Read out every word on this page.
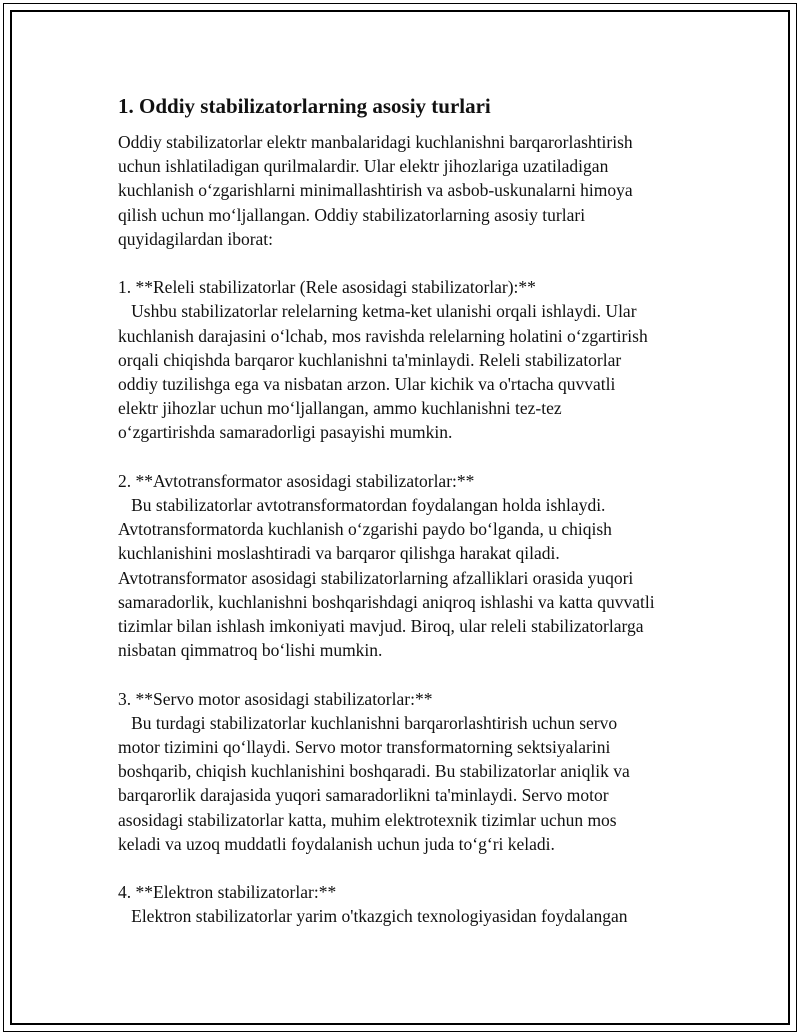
1. Oddiy stabilizatorlarning asosiy turlari

Oddiy stabilizatorlar elektr manbalaridagi kuchlanishni barqarorlashtirish
uchun ishlatiladigan qurilmalardir. Ular elektr jihozlariga uzatiladigan
kuchlanish o‘zgarishlarni minimallashtirish va asbob-uskunalarni himoya
qilish uchun mo‘ljallangan. Oddiy stabilizatorlarning asosiy turlari
quyidagilardan iborat:

1. **Releli stabilizatorlar (Rele asosidagi stabilizatorlar):**
Ushbu stabilizatorlar relelarning ketma-ket ulanishi orqali ishlaydi. Ular
kuchlanish darajasini o‘lchab, mos ravishda relelarning holatini o‘zgartirish
orqali chiqishda barqaror kuchlanishni ta'minlaydi. Releli stabilizatorlar
oddiy tuzilishga ega va nisbatan arzon. Ular kichik va o'rtacha quvvatli
elektr jihozlar uchun mo‘ljallangan, ammo kuchlanishni tez-tez
o‘zgartirishda samaradorligi pasayishi mumkin.

2. **Avtotransformator asosidagi stabilizatorlar:**
Bu stabilizatorlar avtotransformatordan foydalangan holda ishlaydi.
Avtotransformatorda kuchlanish o‘zgarishi paydo bo‘lganda, u chiqish
kuchlanishini moslashtiradi va barqaror qilishga harakat qiladi.
Avtotransformator asosidagi stabilizatorlarning afzalliklari orasida yuqori
samaradorlik, kuchlanishni boshqarishdagi aniqroq ishlashi va katta quvvatli
tizimlar bilan ishlash imkoniyati mavjud. Biroq, ular releli stabilizatorlarga
nisbatan qimmatroq bo‘lishi mumkin.

3. **Servo motor asosidagi stabilizatorlar:**
Bu turdagi stabilizatorlar kuchlanishni barqarorlashtirish uchun servo
motor tizimini qo‘llaydi. Servo motor transformatorning sektsiyalarini
boshqarib, chiqish kuchlanishini boshqaradi. Bu stabilizatorlar aniqlik va
barqarorlik darajasida yuqori samaradorlikni ta'minlaydi. Servo motor
asosidagi stabilizatorlar katta, muhim elektrotexnik tizimlar uchun mos
keladi va uzoq muddatli foydalanish uchun juda to‘g‘ri keladi.

4. **Elektron stabilizatorlar:**
Elektron stabilizatorlar yarim o'tkazgich texnologiyasidan foydalangan
